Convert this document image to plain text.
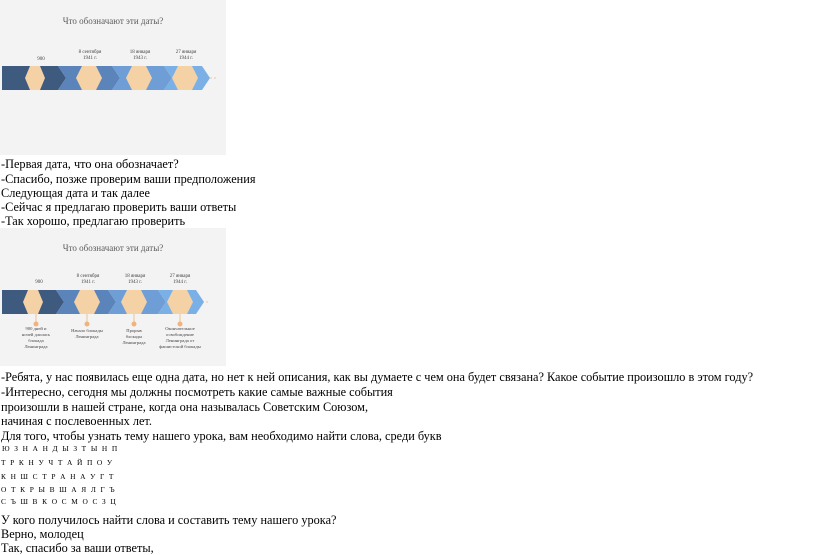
Что обозначают эти даты?
900
8 сентября
1941 г.
18 января
1943 г.
27 января
1944 г.
-Первая дата, что она обозначает?
-Спасибо, позже проверим ваши предположения
Следующая дата и так далее
-Сейчас я предлагаю проверить ваши ответы
-Так хорошо, предлагаю проверить
Что обозначают эти даты?
900
8 сентября
1941 г.
18 января
1943 г.
27 января
1944 г.
900 дней и
ночей длилась
блокада
Ленинграда
Начало блокады
Ленинграда
Прорыв
блокады
Ленинграда
Окончательное
освобождение
Ленинграда от
фашистской блокады
-Ребята, у нас появилась еще одна дата, но нет к ней описания, как вы думаете с чем она будет связана? Какое событие произошло в этом году?
-Интересно, сегодня мы должны посмотреть какие самые важные события
произошли в нашей стране, когда она называлась Советским Союзом,
начиная с послевоенных лет.
Для того, чтобы узнать тему нашего урока, вам необходимо найти слова, среди букв
Ю З Н А Н Д Ы З Т Ы Н П
Т Р К Н У Ч Т А Й П О У
К Н Ш С Т Р А Н А У Г Т
О Т К Р Ы В Ш А Я Л Г Ъ
С Ъ Ш В К О С М О С З Ц
У кого получилось найти слова и составить тему нашего урока?
Верно, молодец
Так, спасибо за ваши ответы,
